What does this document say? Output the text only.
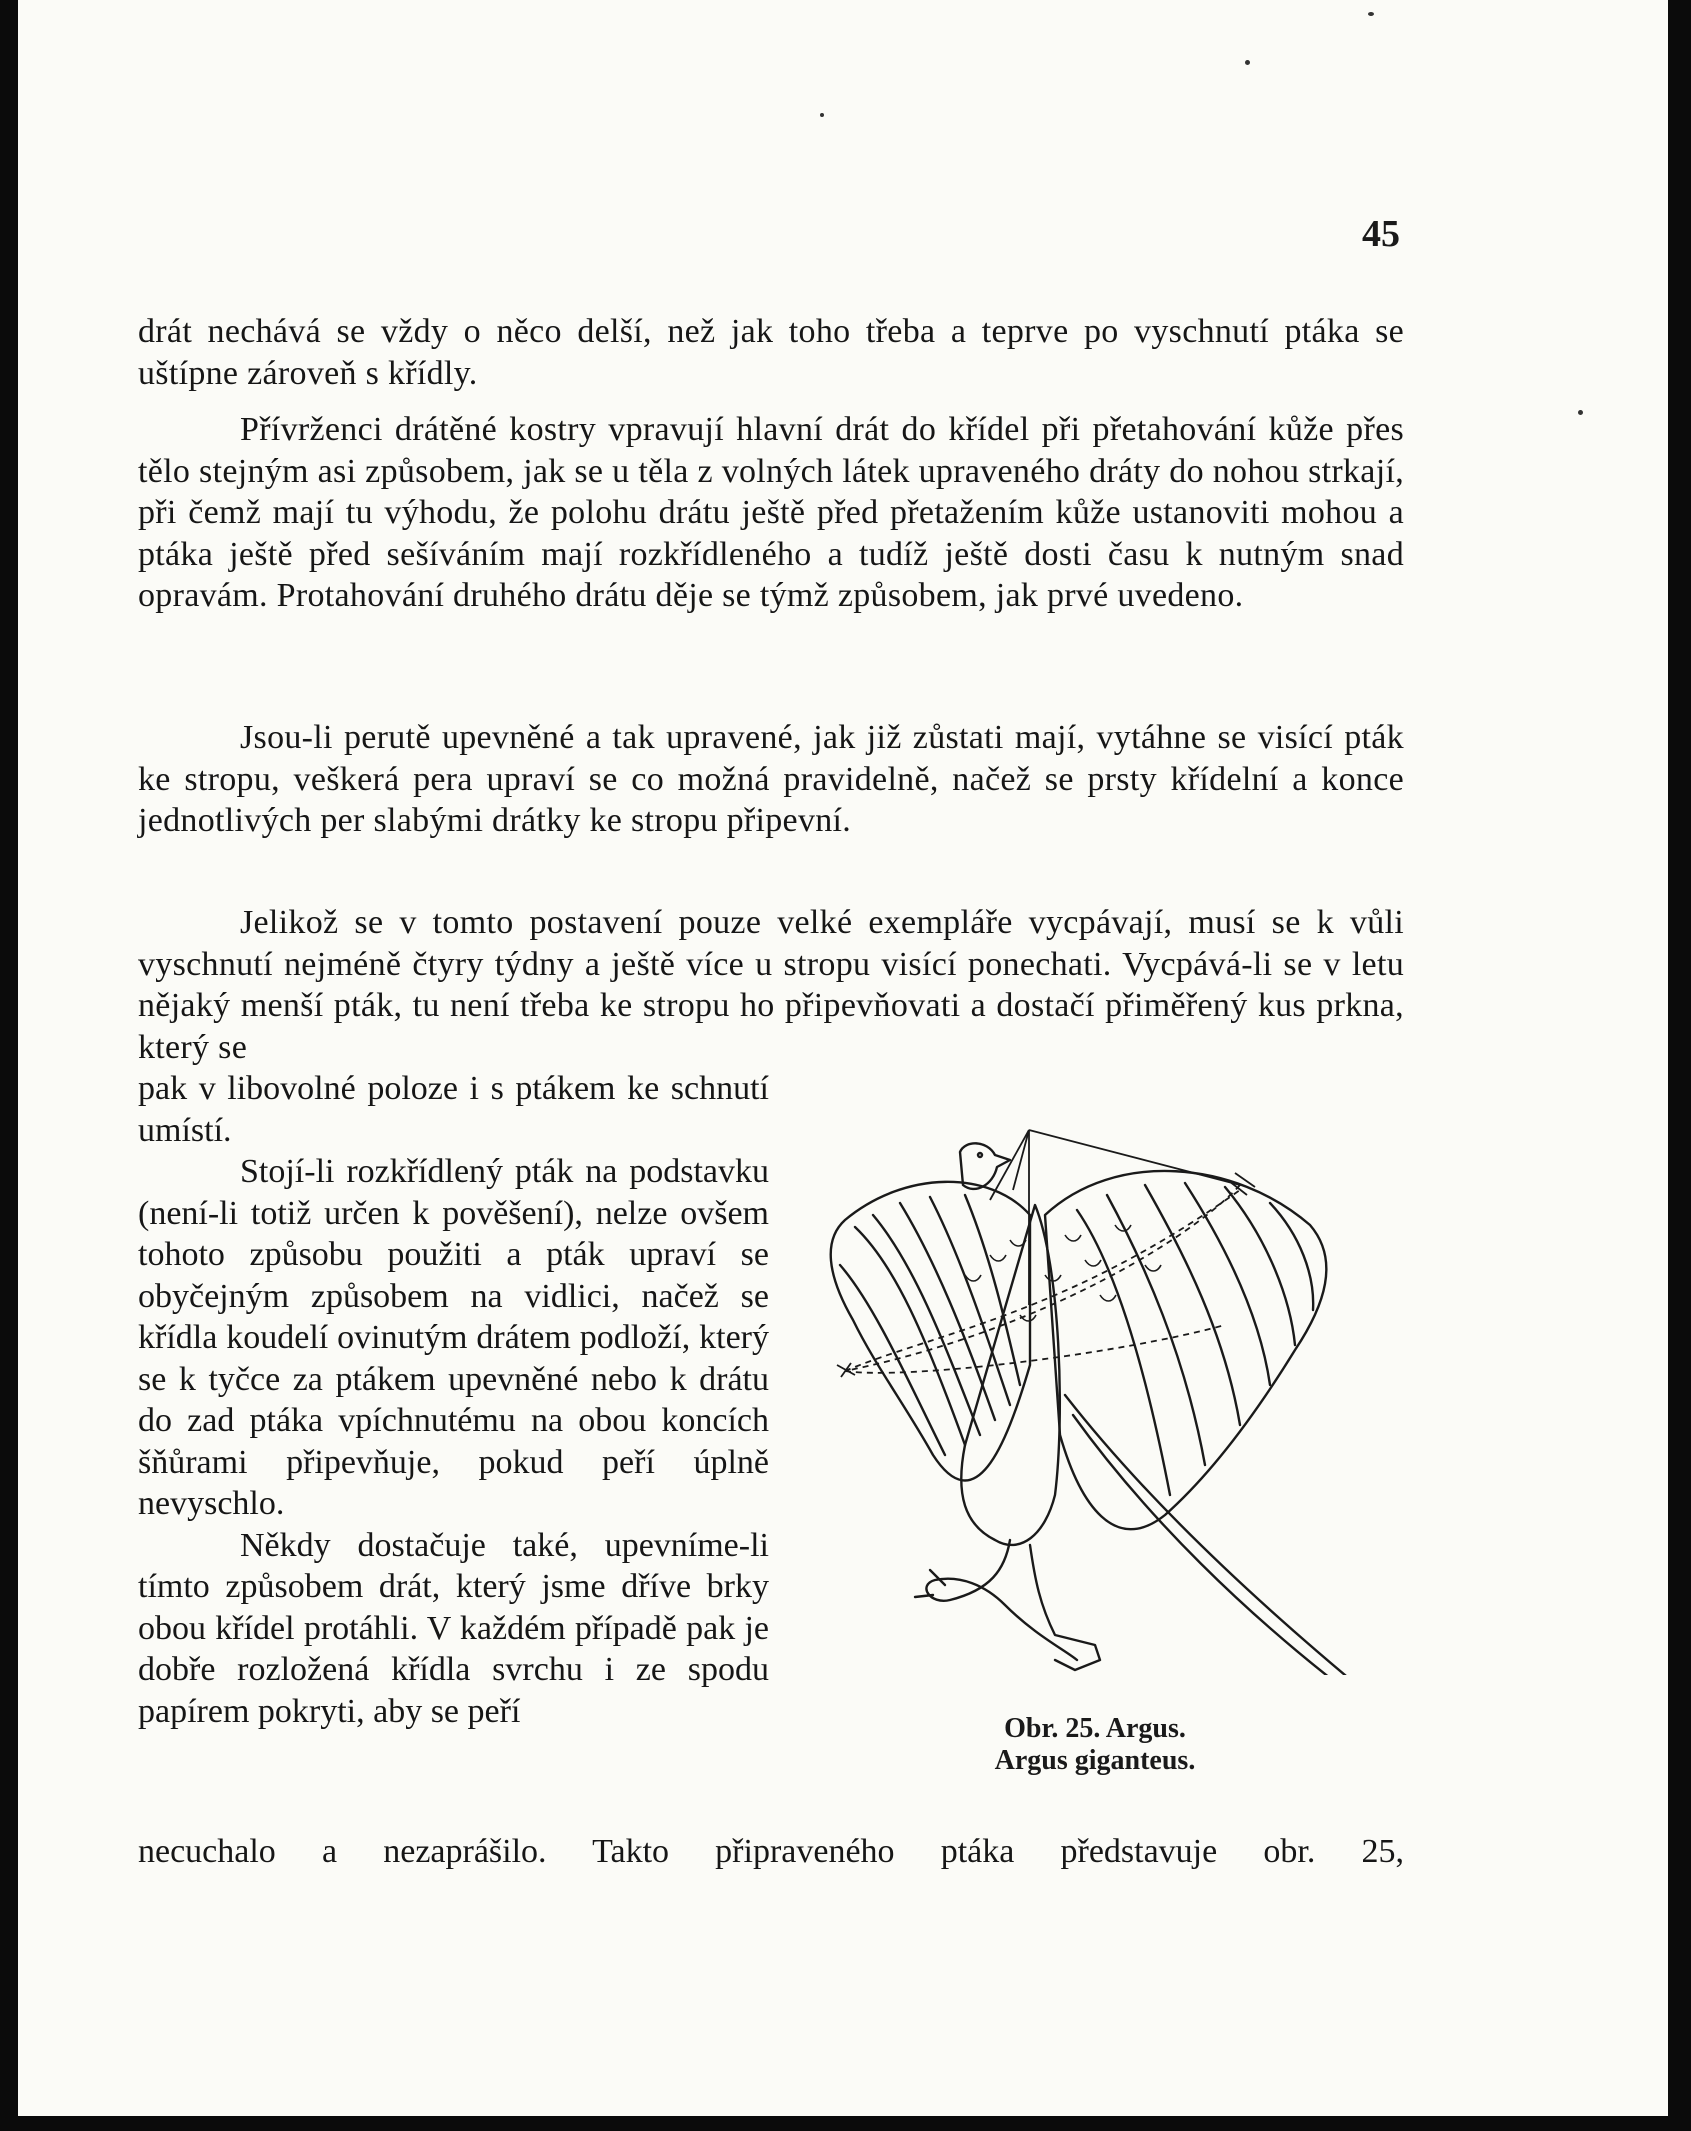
45

drát nechává se vždy o něco delší, než jak toho třeba a teprve po vyschnutí ptáka se uštípne zároveň s křídly.

Přívrženci drátěné kostry vpravují hlavní drát do křídel při přetahování kůže přes tělo stejným asi způsobem, jak se u těla z volných látek upraveného dráty do nohou strkají, při čemž mají tu výhodu, že polohu drátu ještě před přetažením kůže ustanoviti mohou a ptáka ještě před sešíváním mají rozkřídleného a tudíž ještě dosti času k nutným snad opravám. Protahování druhého drátu děje se týmž způsobem, jak prvé uvedeno.

Jsou-li perutě upevněné a tak upravené, jak již zůstati mají, vytáhne se visící pták ke stropu, veškerá pera upraví se co možná pravidelně, načež se prsty křídelní a konce jednotlivých per slabými drátky ke stropu připevní.

Jelikož se v tomto postavení pouze velké exempláře vycpávají, musí se k vůli vyschnutí nejméně čtyry týdny a ještě více u stropu visící ponechati. Vycpává-li se v letu nějaký menší pták, tu není třeba ke stropu ho připevňovati a dostačí přiměřený kus prkna, který se

pak v libovolné poloze i s ptákem ke schnutí umístí.

Stojí-li rozkřídlený pták na podstavku (není-li totiž určen k pověšení), nelze ovšem tohoto způsobu použiti a pták upraví se obyčejným způsobem na vidlici, načež se křídla koudelí ovinutým drátem podloží, který se k tyčce za ptákem upevněné nebo k drátu do zad ptáka vpíchnutému na obou koncích šňůrami připevňuje, pokud peří úplně nevyschlo.

Někdy dostačuje také, upevníme-li tímto způsobem drát, který jsme dříve brky obou křídel protáhli. V každém případě pak je dobře rozložená křídla svrchu i ze spodu papírem pokryti, aby se peří

necuchalo a nezaprášilo. Takto připraveného ptáka představuje obr. 25,
Obr. 25. Argus.
Argus giganteus.
